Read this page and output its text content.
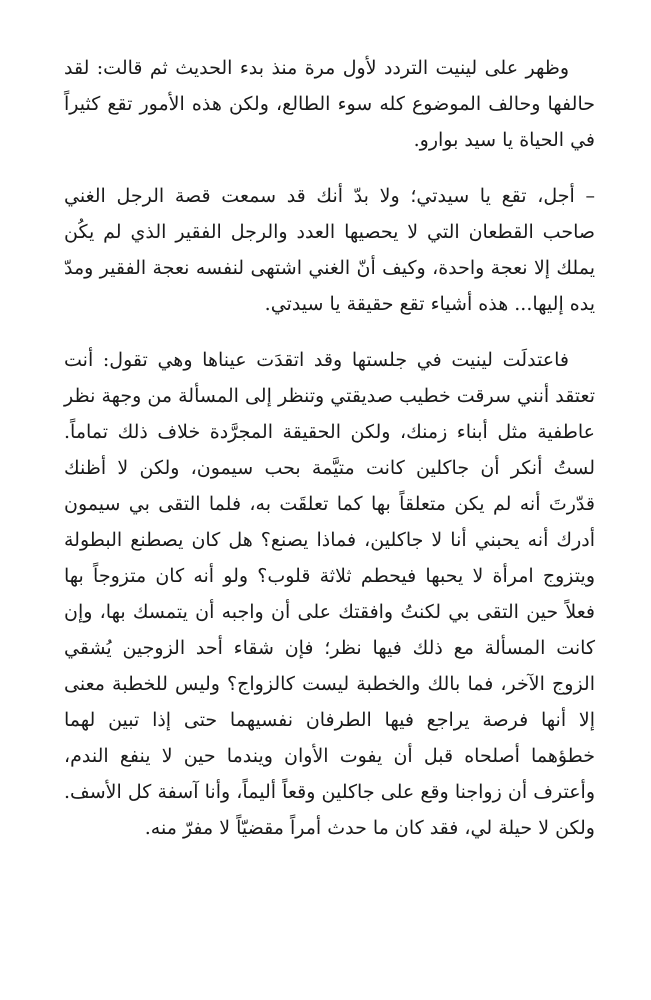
وظهر على لينيت التردد لأول مرة منذ بدء الحديث ثم قالت: لقد حالفها وحالف الموضوع كله سوء الطالع، ولكن هذه الأمور تقع كثيراً في الحياة يا سيد بوارو.

– أجل، تقع يا سيدتي؛ ولا بدّ أنك قد سمعت قصة الرجل الغني صاحب القطعان التي لا يحصيها العدد والرجل الفقير الذي لم يكُن يملك إلا نعجة واحدة، وكيف أنّ الغني اشتهى لنفسه نعجة الفقير ومدّ يده إليها... هذه أشياء تقع حقيقة يا سيدتي.

فاعتدلَت لينيت في جلستها وقد اتقدَت عيناها وهي تقول: أنت تعتقد أنني سرقت خطيب صديقتي وتنظر إلى المسألة من وجهة نظر عاطفية مثل أبناء زمنك، ولكن الحقيقة المجرَّدة خلاف ذلك تماماً. لستُ أنكر أن جاكلين كانت متيَّمة بحب سيمون، ولكن لا أظنك قدّرتَ أنه لم يكن متعلقاً بها كما تعلقَت به، فلما التقى بي سيمون أدرك أنه يحبني أنا لا جاكلين، فماذا يصنع؟ هل كان يصطنع البطولة ويتزوج امرأة لا يحبها فيحطم ثلاثة قلوب؟ ولو أنه كان متزوجاً بها فعلاً حين التقى بي لكنتُ وافقتك على أن واجبه أن يتمسك بها، وإن كانت المسألة مع ذلك فيها نظر؛ فإن شقاء أحد الزوجين يُشقي الزوج الآخر، فما بالك والخطبة ليست كالزواج؟ وليس للخطبة معنى إلا أنها فرصة يراجع فيها الطرفان نفسيهما حتى إذا تبين لهما خطؤهما أصلحاه قبل أن يفوت الأوان ويندما حين لا ينفع الندم، وأعترف أن زواجنا وقع على جاكلين وقعاً أليماً، وأنا آسفة كل الأسف. ولكن لا حيلة لي، فقد كان ما حدث أمراً مقضيّاً لا مفرّ منه.
